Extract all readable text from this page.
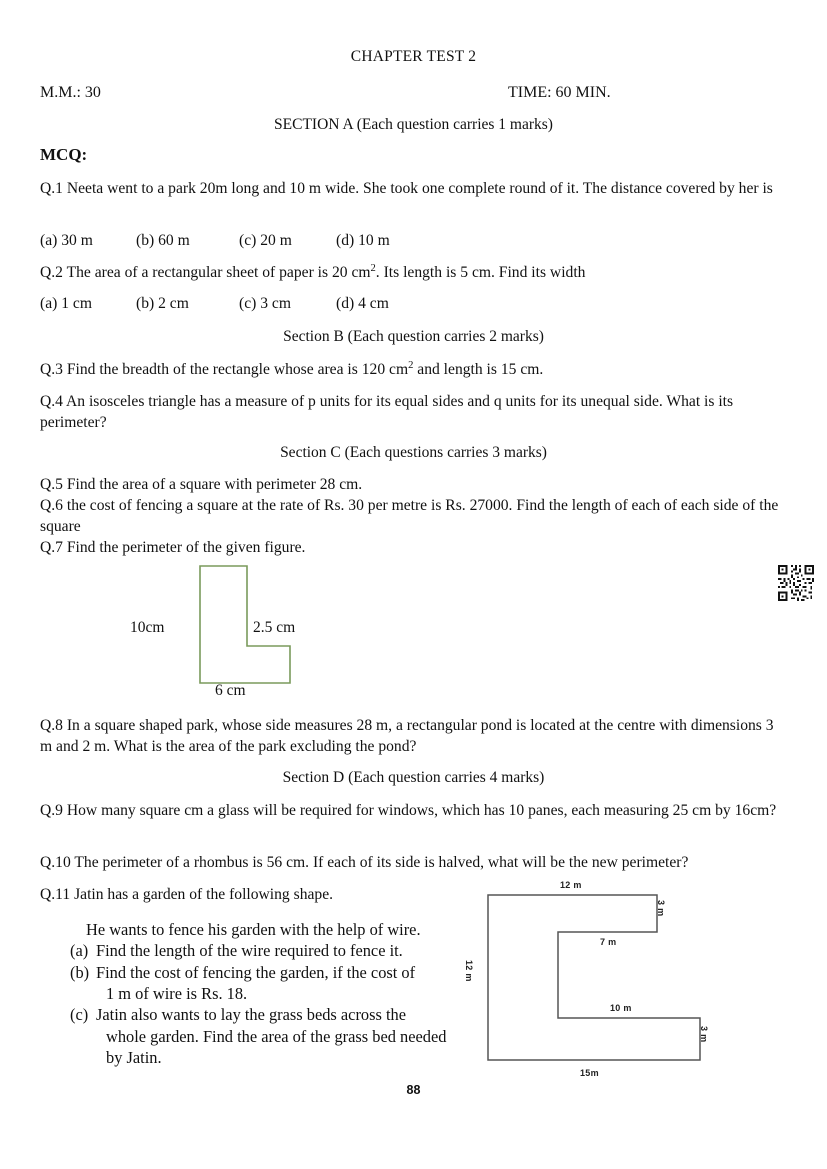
CHAPTER TEST 2
M.M.: 30	TIME: 60 MIN.
SECTION A (Each question carries 1 marks)
MCQ:
Q.1 Neeta went to a park 20m long and 10 m wide. She took one complete round of it. The distance covered by her is
(a) 30 m	(b) 60 m	(c) 20 m	(d) 10 m
Q.2 The area of a rectangular sheet of paper is 20 $cm^2$. Its length is 5 cm. Find its width
(a) 1 cm	(b) 2 cm	(c) 3 cm	(d) 4 cm
Section B (Each question carries 2 marks)
Q.3 Find the breadth of the rectangle whose area is 120 $cm^2$ and length is 15 cm.
Q.4 An isosceles triangle has a measure of p units for its equal sides and q units for its unequal side. What is its perimeter?
Section C (Each questions carries 3 marks)
Q.5 Find the area of a square with perimeter 28 cm.
Q.6 the cost of fencing a square at the rate of Rs. 30 per metre is Rs. 27000. Find the length of each of each side of the square
Q.7 Find the perimeter of the given figure.
10cm	2.5 cm
6 cm
Q.8 In a square shaped park, whose side measures 28 m, a rectangular pond is located at the centre with dimensions 3 m and 2 m. What is the area of the park excluding the pond?
Section D (Each question carries 4 marks)
Q.9 How many square cm a glass will be required for windows, which has 10 panes, each measuring 25 cm by 16cm?
Q.10 The perimeter of a rhombus is 56 cm. If each of its side is halved, what will be the new perimeter?
Q.11 Jatin has a garden of the following shape.
He wants to fence his garden with the help of wire.
(a) Find the length of the wire required to fence it.
(b) Find the cost of fencing the garden, if the cost of
1 m of wire is Rs. 18.
(c) Jatin also wants to lay the grass beds across the
whole garden. Find the area of the grass bed needed
by Jatin.
12 m
3 m
7 m
12 m
10 m
3 m
15m
88
